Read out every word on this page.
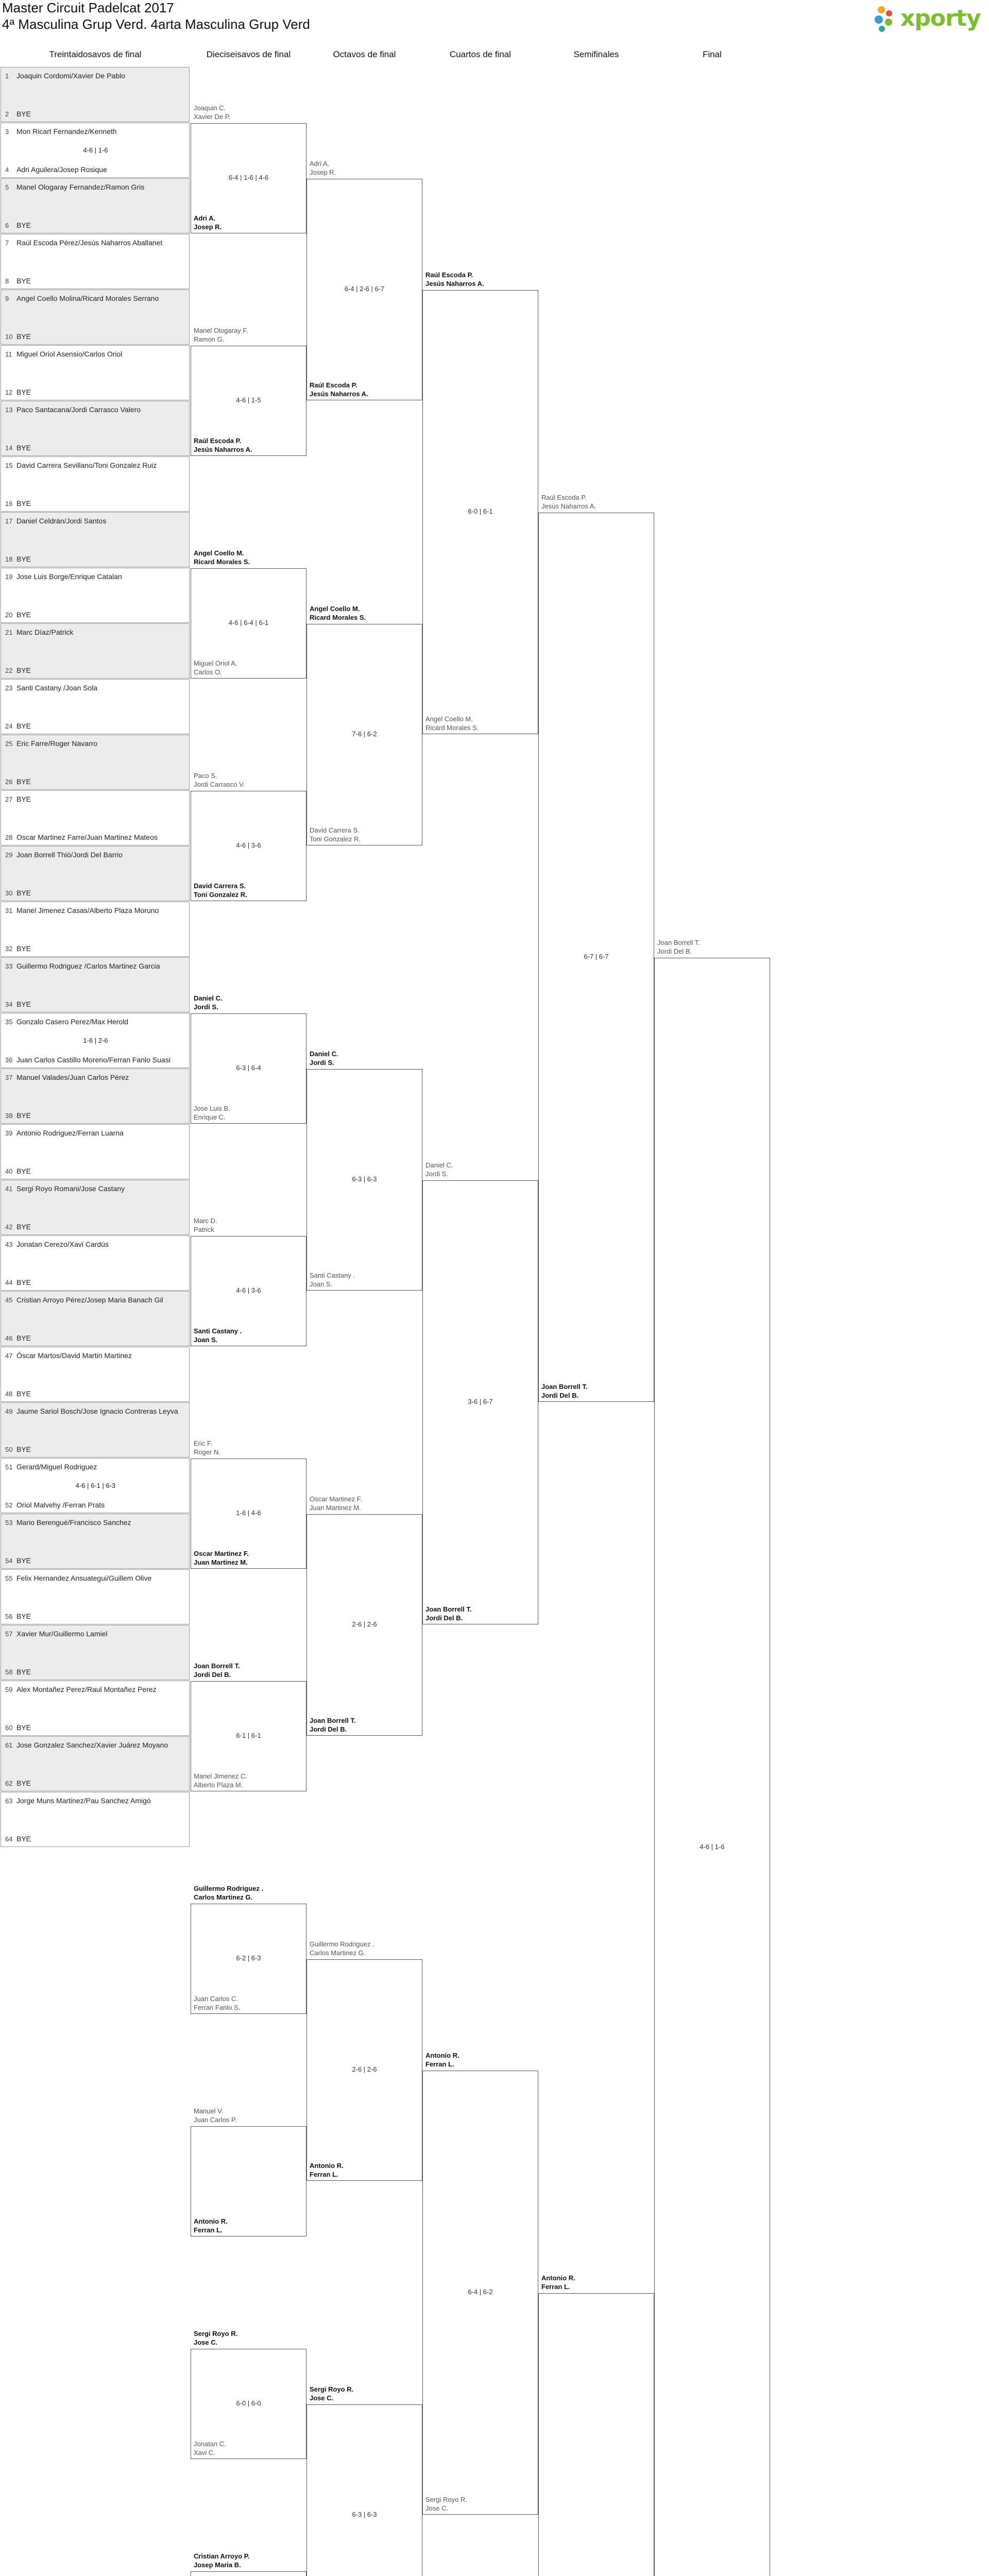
Master Circuit Padelcat 2017
4ª Masculina Grup Verd. 4arta Masculina Grup Verd	xporty
Treintaidosavos de final	Dieciseisavos de final	Octavos de final	Cuartos de final	Semifinales	Final
1 Joaquin Cordomi/Xavier De Pablo
2 BYE
3 Mon Ricart Fernandez/Kenneth
4 Adri Aguilera/Josep Rosique
4-6 | 1-6
5 Manel Ologaray Fernandez/Ramon Gris
6 BYE
7 Raúl Escoda Pérez/Jesús Naharros Aballanet
8 BYE
9 Angel Coello Molina/Ricard Morales Serrano
10 BYE
11 Miguel Oriol Asensio/Carlos Oriol
12 BYE
13 Paco Santacana/Jordi Carrasco Valero
14 BYE
15 David Carrera Sevillano/Toni Gonzalez Ruiz
16 BYE
17 Daniel Celdrán/Jordi Santos
18 BYE
19 Jose Luis Borge/Enrique Catalan
20 BYE
21 Marc Díaz/Patrick
22 BYE
23 Santi Castany /Joan Sola
24 BYE
25 Eric Farre/Roger Navarro
26 BYE
27 BYE
28 Oscar Martinez Farre/Juan Martinez Mateos
29 Joan Borrell Thió/Jordi Del Barrio
30 BYE
31 Manel Jimenez Casas/Alberto Plaza Moruno
32 BYE
33 Guillermo Rodriguez /Carlos Martinez Garcia
34 BYE
35 Gonzalo Casero Perez/Max Herold
36 Juan Carlos Castillo Moreno/Ferran Fanlo Suasi
1-6 | 2-6
37 Manuel Valades/Juan Carlos Pérez
38 BYE
39 Antonio Rodriguez/Ferran Luarna
40 BYE
41 Sergi Royo Romani/Jose Castany
42 BYE
43 Jonatan Cerezo/Xavi Cardús
44 BYE
45 Cristian Arroyo Pérez/Josep Maria Banach Gil
46 BYE
47 Óscar Martos/David Martin Martinez
48 BYE
49 Jaume Sariol Bosch/Jose Ignacio Contreras Leyva
50 BYE
51 Gerard/Miguel Rodriguez
52 Oriol Malvehy /Ferran Prats
4-6 | 6-1 | 6-3
53 Mario Berengué/Francisco Sanchez
54 BYE
55 Felix Hernandez Ansuategui/Guillem Olive
56 BYE
57 Xavier Mur/Guillermo Lamiel
58 BYE
59 Alex Montañez Perez/Raul Montañez Perez
60 BYE
61 Jose Gonzalez Sanchez/Xavier Juárez Moyano
62 BYE
63 Jorge Muns Martinez/Pau Sanchez Amigó
64 BYE
Joaquin C.
Xavier De P.
Adri A.
Josep R.
6-4 | 1-6 | 4-6
Manel Ologaray F.
Ramon G.
Raúl Escoda P.
Jesús Naharros A.
4-6 | 1-5
Angel Coello M.
Ricard Morales S.
Miguel Oriol A.
Carlos O.
4-6 | 6-4 | 6-1
Paco S.
Jordi Carrasco V.
David Carrera S.
Toni Gonzalez R.
4-6 | 3-6
Daniel C.
Jordi S.
Jose Luis B.
Enrique C.
6-3 | 6-4
Marc D.
Patrick
Santi Castany .
Joan S.
4-6 | 3-6
Eric F.
Roger N.
Oscar Martinez F.
Juan Martinez M.
1-6 | 4-6
Joan Borrell T.
Jordi Del B.
Manel Jimenez C.
Alberto Plaza M.
6-1 | 6-1
Guillermo Rodriguez .
Carlos Martinez G.
Juan Carlos C.
Ferran Fanlo S.
6-2 | 6-3
Manuel V.
Juan Carlos P.
Antonio R.
Ferran L.
Sergi Royo R.
Jose C.
Jonatan C.
Xavi C.
6-0 | 6-0
Cristian Arroyo P.
Josep Maria B.
Adri A.
Josep R.
Raúl Escoda P.
Jesús Naharros A.
6-4 | 2-6 | 6-7
Angel Coello M.
Ricard Morales S.
David Carrera S.
Toni Gonzalez R.
7-6 | 6-2
Daniel C.
Jordi S.
Santi Castany .
Joan S.
6-3 | 6-3
Oscar Martinez F.
Juan Martinez M.
Joan Borrell T.
Jordi Del B.
2-6 | 2-6
Guillermo Rodriguez .
Carlos Martinez G.
Antonio R.
Ferran L.
2-6 | 2-6
Sergi Royo R.
Jose C.
6-3 | 6-3
Raúl Escoda P.
Jesús Naharros A.
Angel Coello M.
Ricard Morales S.
6-0 | 6-1
Daniel C.
Jordi S.
Joan Borrell T.
Jordi Del B.
3-6 | 6-7
Antonio R.
Ferran L.
Sergi Royo R.
Jose C.
6-4 | 6-2
Raúl Escoda P.
Jesús Naharros A.
Joan Borrell T.
Jordi Del B.
6-7 | 6-7
Antonio R.
Ferran L.
Joan Borrell T.
Jordi Del B.
4-6 | 1-6
